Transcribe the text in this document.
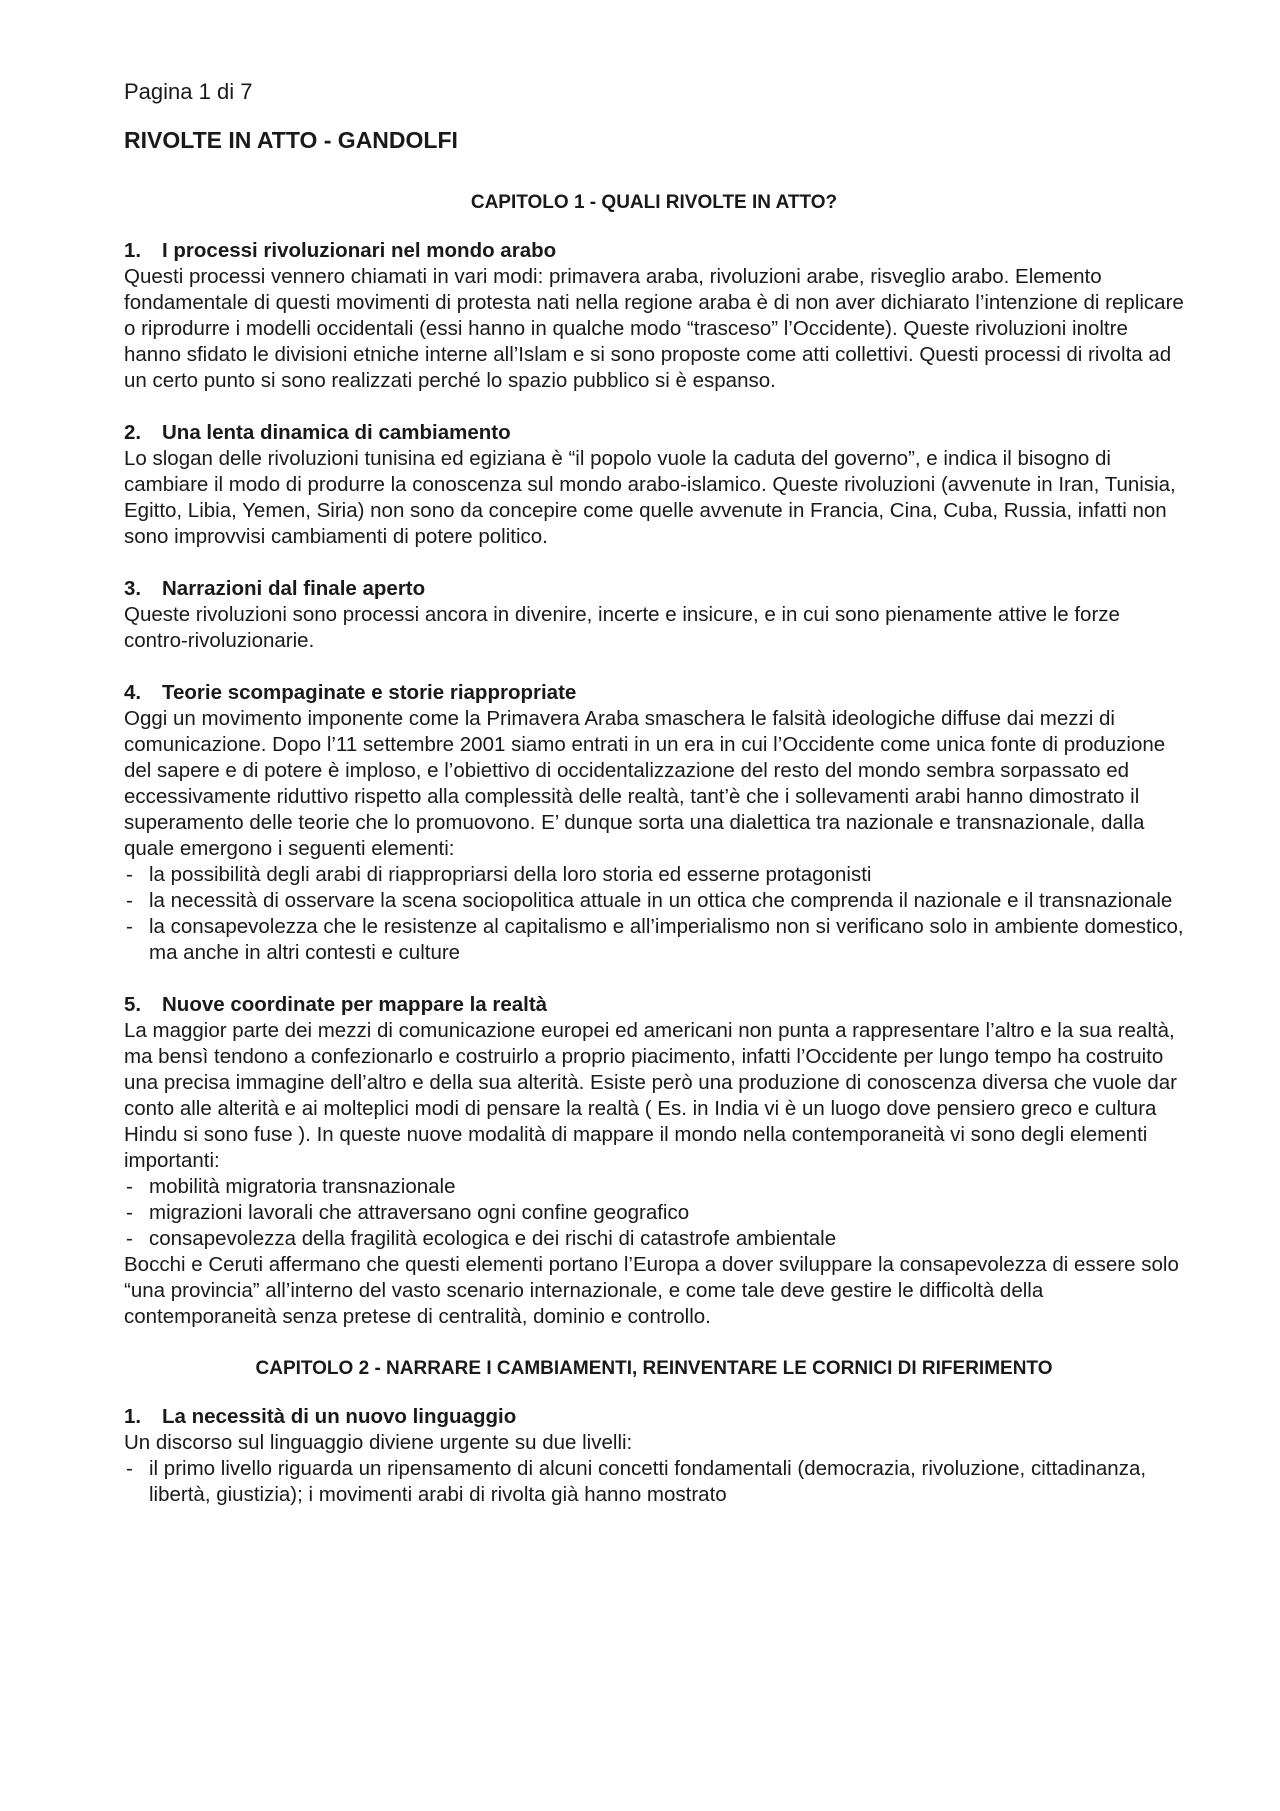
Pagina 1 di 7
RIVOLTE IN ATTO - GANDOLFI
CAPITOLO 1 - QUALI RIVOLTE IN ATTO?
1. I processi rivoluzionari nel mondo arabo

Questi processi vennero chiamati in vari modi: primavera araba, rivoluzioni arabe, risveglio arabo. Elemento fondamentale di questi movimenti di protesta nati nella regione araba è di non aver dichiarato l’intenzione di replicare o riprodurre i modelli occidentali (essi hanno in qualche modo “trasceso” l’Occidente). Queste rivoluzioni inoltre hanno sfidato le divisioni etniche interne all’Islam e si sono proposte come atti collettivi. Questi processi di rivolta ad un certo punto si sono realizzati perché lo spazio pubblico si è espanso.

2. Una lenta dinamica di cambiamento

Lo slogan delle rivoluzioni tunisina ed egiziana è “il popolo vuole la caduta del governo”, e indica il bisogno di cambiare il modo di produrre la conoscenza sul mondo arabo-islamico. Queste rivoluzioni (avvenute in Iran, Tunisia, Egitto, Libia, Yemen, Siria) non sono da concepire come quelle avvenute in Francia, Cina, Cuba, Russia, infatti non sono improvvisi cambiamenti di potere politico.

3. Narrazioni dal finale aperto

Queste rivoluzioni sono processi ancora in divenire, incerte e insicure, e in cui sono pienamente attive le forze contro-rivoluzionarie.

4. Teorie scompaginate e storie riappropriate

Oggi un movimento imponente come la Primavera Araba smaschera le falsità ideologiche diffuse dai mezzi di comunicazione. Dopo l’11 settembre 2001 siamo entrati in un era in cui l’Occidente come unica fonte di produzione del sapere e di potere è imploso, e l’obiettivo di occidentalizzazione del resto del mondo sembra sorpassato ed eccessivamente riduttivo rispetto alla complessità delle realtà, tant’è che i sollevamenti arabi hanno dimostrato il superamento delle teorie che lo promuovono. E’ dunque sorta una dialettica tra nazionale e transnazionale, dalla quale emergono i seguenti elementi:

- la possibilità degli arabi di riappropriarsi della loro storia ed esserne protagonisti
- la necessità di osservare la scena sociopolitica attuale in un ottica che comprenda il nazionale e il transnazionale
- la consapevolezza che le resistenze al capitalismo e all’imperialismo non si verificano solo in ambiente domestico, ma anche in altri contesti e culture
5. Nuove coordinate per mappare la realtà

La maggior parte dei mezzi di comunicazione europei ed americani non punta a rappresentare l’altro e la sua realtà, ma bensì tendono a confezionarlo e costruirlo a proprio piacimento, infatti l’Occidente per lungo tempo ha costruito una precisa immagine dell’altro e della sua alterità. Esiste però una produzione di conoscenza diversa che vuole dar conto alle alterità e ai molteplici modi di pensare la realtà ( Es. in India vi è un luogo dove pensiero greco e cultura Hindu si sono fuse ). In queste nuove modalità di mappare il mondo nella contemporaneità vi sono degli elementi importanti:

- mobilità migratoria transnazionale
- migrazioni lavorali che attraversano ogni confine geografico
- consapevolezza della fragilità ecologica e dei rischi di catastrofe ambientale

Bocchi e Ceruti affermano che questi elementi portano l’Europa a dover sviluppare la consapevolezza di essere solo “una provincia” all’interno del vasto scenario internazionale, e come tale deve gestire le difficoltà della contemporaneità senza pretese di centralità, dominio e controllo.

CAPITOLO 2 - NARRARE I CAMBIAMENTI, REINVENTARE LE CORNICI DI RIFERIMENTO
1. La necessità di un nuovo linguaggio

Un discorso sul linguaggio diviene urgente su due livelli:

- il primo livello riguarda un ripensamento di alcuni concetti fondamentali (democrazia, rivoluzione, cittadinanza, libertà, giustizia); i movimenti arabi di rivolta già hanno mostrato
